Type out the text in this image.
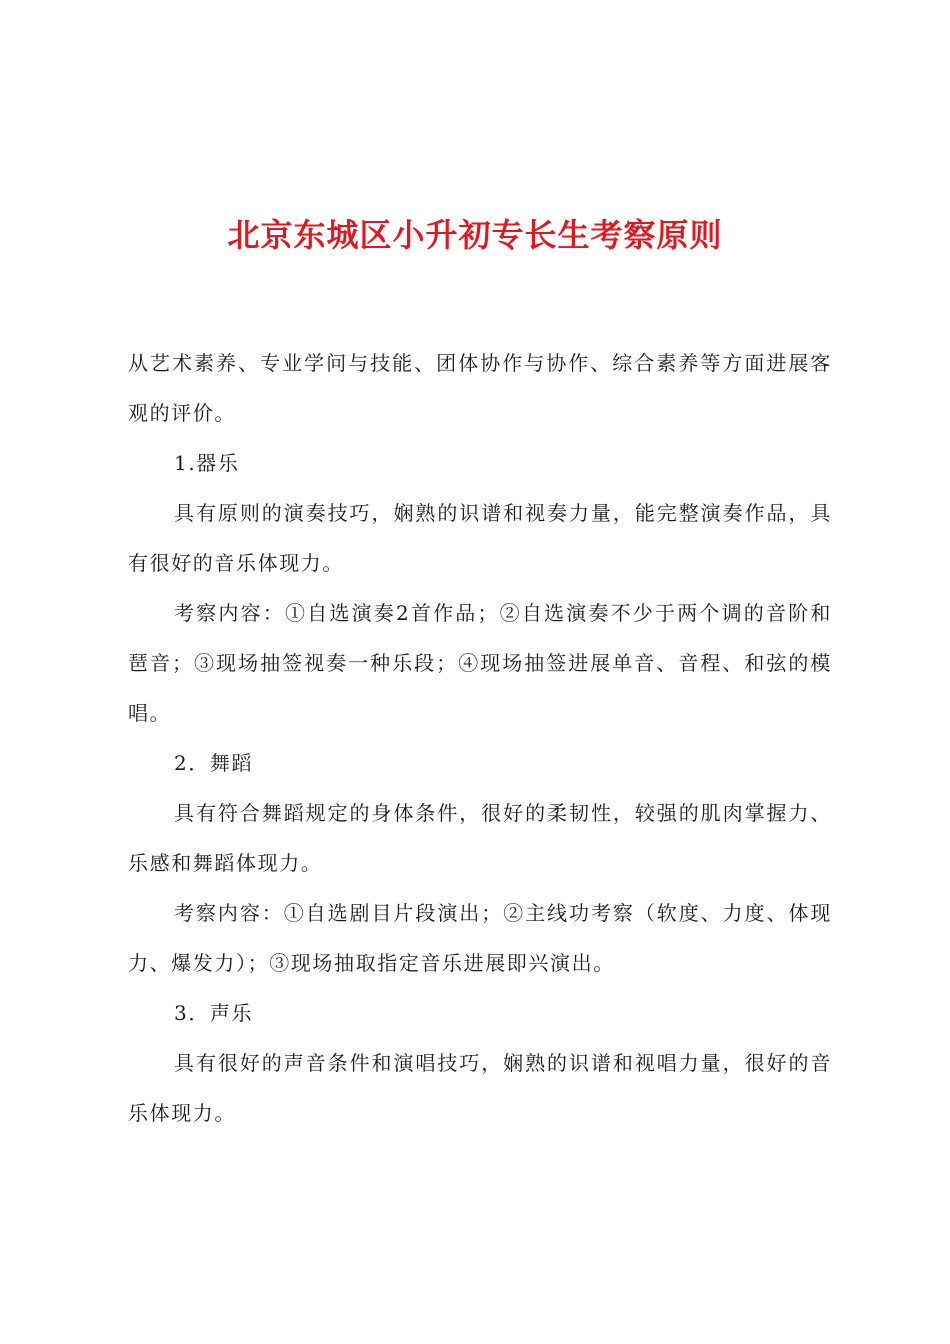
北京东城区小升初专长生考察原则

从艺术素养、专业学问与技能、团体协作与协作、综合素养等方面进展客观的评价。

1.器乐

具有原则的演奏技巧，娴熟的识谱和视奏力量，能完整演奏作品，具有很好的音乐体现力。

考察内容：①自选演奏2首作品；②自选演奏不少于两个调的音阶和琶音；③现场抽签视奏一种乐段；④现场抽签进展单音、音程、和弦的模唱。

2．舞蹈

具有符合舞蹈规定的身体条件，很好的柔韧性，较强的肌肉掌握力、乐感和舞蹈体现力。

考察内容：①自选剧目片段演出；②主线功考察（软度、力度、体现力、爆发力）；③现场抽取指定音乐进展即兴演出。

3．声乐

具有很好的声音条件和演唱技巧，娴熟的识谱和视唱力量，很好的音乐体现力。
